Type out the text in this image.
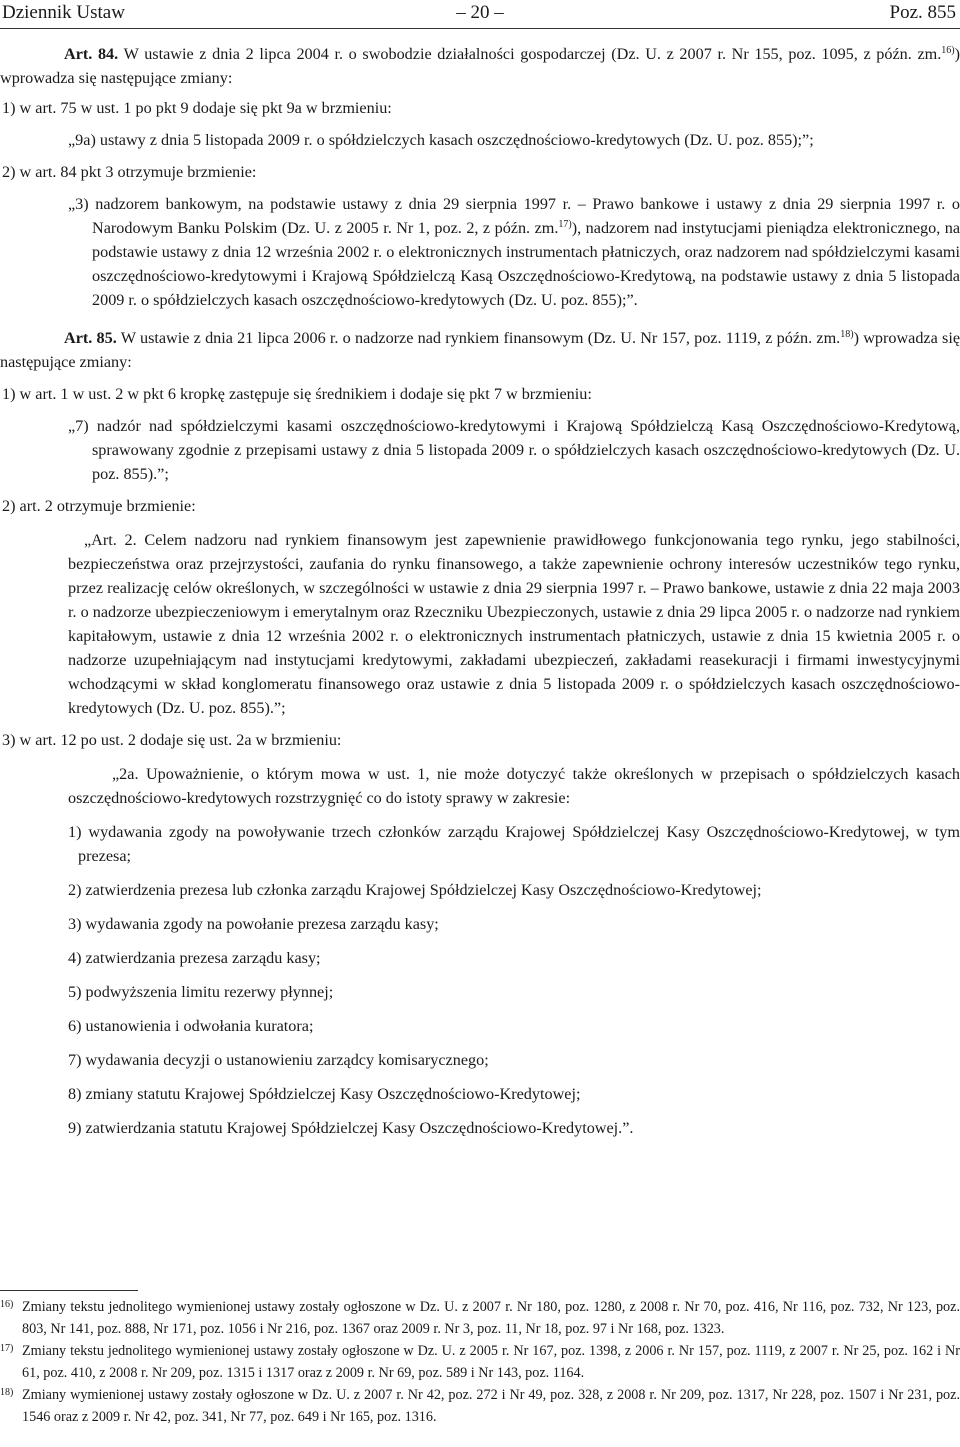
Dziennik Ustaw	– 20 –	Poz. 855

Art. 84. W ustawie z dnia 2 lipca 2004 r. o swobodzie działalności gospodarczej (Dz. U. z 2007 r. Nr 155, poz. 1095, z późn. zm.$^{16)}$) wprowadza się następujące zmiany:

1) w art. 75 w ust. 1 po pkt 9 dodaje się pkt 9a w brzmieniu:

„9a) ustawy z dnia 5 listopada 2009 r. o spółdzielczych kasach oszczędnościowo-kredytowych (Dz. U. poz. 855);”;

2) w art. 84 pkt 3 otrzymuje brzmienie:

„3) nadzorem bankowym, na podstawie ustawy z dnia 29 sierpnia 1997 r. – Prawo bankowe i ustawy z dnia 29 sierpnia 1997 r. o Narodowym Banku Polskim (Dz. U. z 2005 r. Nr 1, poz. 2, z późn. zm.$^{17)}$), nadzorem nad instytucjami pieniądza elektronicznego, na podstawie ustawy z dnia 12 września 2002 r. o elektronicznych instrumentach płatniczych, oraz nadzorem nad spółdzielczymi kasami oszczędnościowo-kredytowymi i Krajową Spółdzielczą Kasą Oszczędnościowo-Kredytową, na podstawie ustawy z dnia 5 listopada 2009 r. o spółdzielczych kasach oszczędnościowo-kredytowych (Dz. U. poz. 855);”.

Art. 85. W ustawie z dnia 21 lipca 2006 r. o nadzorze nad rynkiem finansowym (Dz. U. Nr 157, poz. 1119, z późn. zm.$^{18)}$) wprowadza się następujące zmiany:

1) w art. 1 w ust. 2 w pkt 6 kropkę zastępuje się średnikiem i dodaje się pkt 7 w brzmieniu:

„7) nadzór nad spółdzielczymi kasami oszczędnościowo-kredytowymi i Krajową Spółdzielczą Kasą Oszczędnościowo-Kredytową, sprawowany zgodnie z przepisami ustawy z dnia 5 listopada 2009 r. o spółdzielczych kasach oszczędnościowo-kredytowych (Dz. U. poz. 855).”;

2) art. 2 otrzymuje brzmienie:

„Art. 2. Celem nadzoru nad rynkiem finansowym jest zapewnienie prawidłowego funkcjonowania tego rynku, jego stabilności, bezpieczeństwa oraz przejrzystości, zaufania do rynku finansowego, a także zapewnienie ochrony interesów uczestników tego rynku, przez realizację celów określonych, w szczególności w ustawie z dnia 29 sierpnia 1997 r. – Prawo bankowe, ustawie z dnia 22 maja 2003 r. o nadzorze ubezpieczeniowym i emerytalnym oraz Rzeczniku Ubezpieczonych, ustawie z dnia 29 lipca 2005 r. o nadzorze nad rynkiem kapitałowym, ustawie z dnia 12 września 2002 r. o elektronicznych instrumentach płatniczych, ustawie z dnia 15 kwietnia 2005 r. o nadzorze uzupełniającym nad instytucjami kredytowymi, zakładami ubezpieczeń, zakładami reasekuracji i firmami inwestycyjnymi wchodzącymi w skład konglomeratu finansowego oraz ustawie z dnia 5 listopada 2009 r. o spółdzielczych kasach oszczędnościowo-kredytowych (Dz. U. poz. 855).”;

3) w art. 12 po ust. 2 dodaje się ust. 2a w brzmieniu:

„2a. Upoważnienie, o którym mowa w ust. 1, nie może dotyczyć także określonych w przepisach o spółdzielczych kasach oszczędnościowo-kredytowych rozstrzygnięć co do istoty sprawy w zakresie:

1) wydawania zgody na powoływanie trzech członków zarządu Krajowej Spółdzielczej Kasy Oszczędnościowo-Kredytowej, w tym prezesa;

2) zatwierdzenia prezesa lub członka zarządu Krajowej Spółdzielczej Kasy Oszczędnościowo-Kredytowej;

3) wydawania zgody na powołanie prezesa zarządu kasy;

4) zatwierdzania prezesa zarządu kasy;

5) podwyższenia limitu rezerwy płynnej;

6) ustanowienia i odwołania kuratora;

7) wydawania decyzji o ustanowieniu zarządcy komisarycznego;

8) zmiany statutu Krajowej Spółdzielczej Kasy Oszczędnościowo-Kredytowej;

9) zatwierdzania statutu Krajowej Spółdzielczej Kasy Oszczędnościowo-Kredytowej.”.

16) Zmiany tekstu jednolitego wymienionej ustawy zostały ogłoszone w Dz. U. z 2007 r. Nr 180, poz. 1280, z 2008 r. Nr 70, poz. 416, Nr 116, poz. 732, Nr 123, poz. 803, Nr 141, poz. 888, Nr 171, poz. 1056 i Nr 216, poz. 1367 oraz 2009 r. Nr 3, poz. 11, Nr 18, poz. 97 i Nr 168, poz. 1323.
17) Zmiany tekstu jednolitego wymienionej ustawy zostały ogłoszone w Dz. U. z 2005 r. Nr 167, poz. 1398, z 2006 r. Nr 157, poz. 1119, z 2007 r. Nr 25, poz. 162 i Nr 61, poz. 410, z 2008 r. Nr 209, poz. 1315 i 1317 oraz z 2009 r. Nr 69, poz. 589 i Nr 143, poz. 1164.
18) Zmiany wymienionej ustawy zostały ogłoszone w Dz. U. z 2007 r. Nr 42, poz. 272 i Nr 49, poz. 328, z 2008 r. Nr 209, poz. 1317, Nr 228, poz. 1507 i Nr 231, poz. 1546 oraz z 2009 r. Nr 42, poz. 341, Nr 77, poz. 649 i Nr 165, poz. 1316.
